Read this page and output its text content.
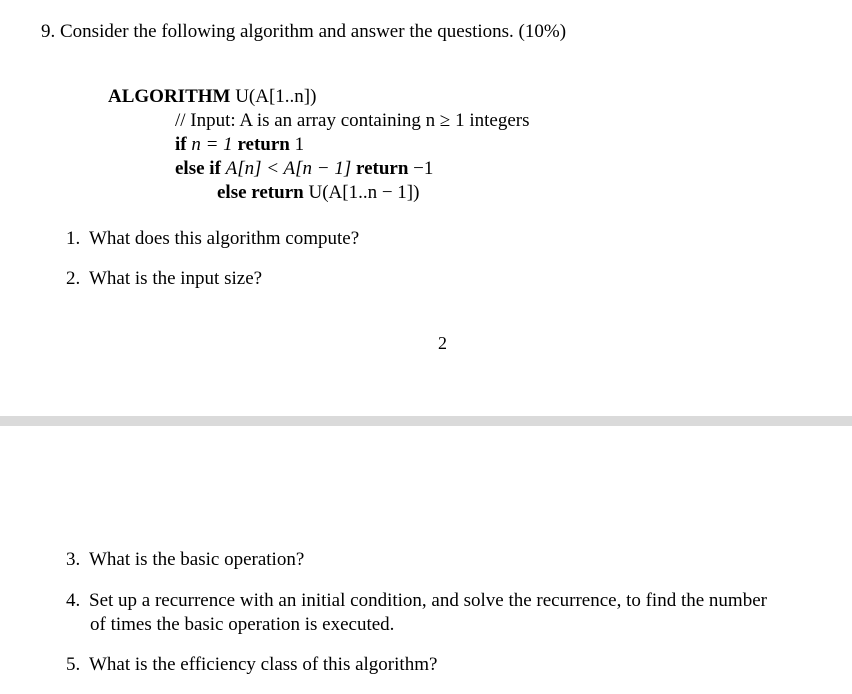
9. Consider the following algorithm and answer the questions. (10%)
ALGORITHM U(A[1..n])
// Input: A is an array containing n ≥ 1 integers
if n = 1 return 1
else if A[n] < A[n − 1] return −1
else return U(A[1..n − 1])
1. What does this algorithm compute?
2. What is the input size?
2
3. What is the basic operation?
4. Set up a recurrence with an initial condition, and solve the recurrence, to find the number
of times the basic operation is executed.
5. What is the efficiency class of this algorithm?
